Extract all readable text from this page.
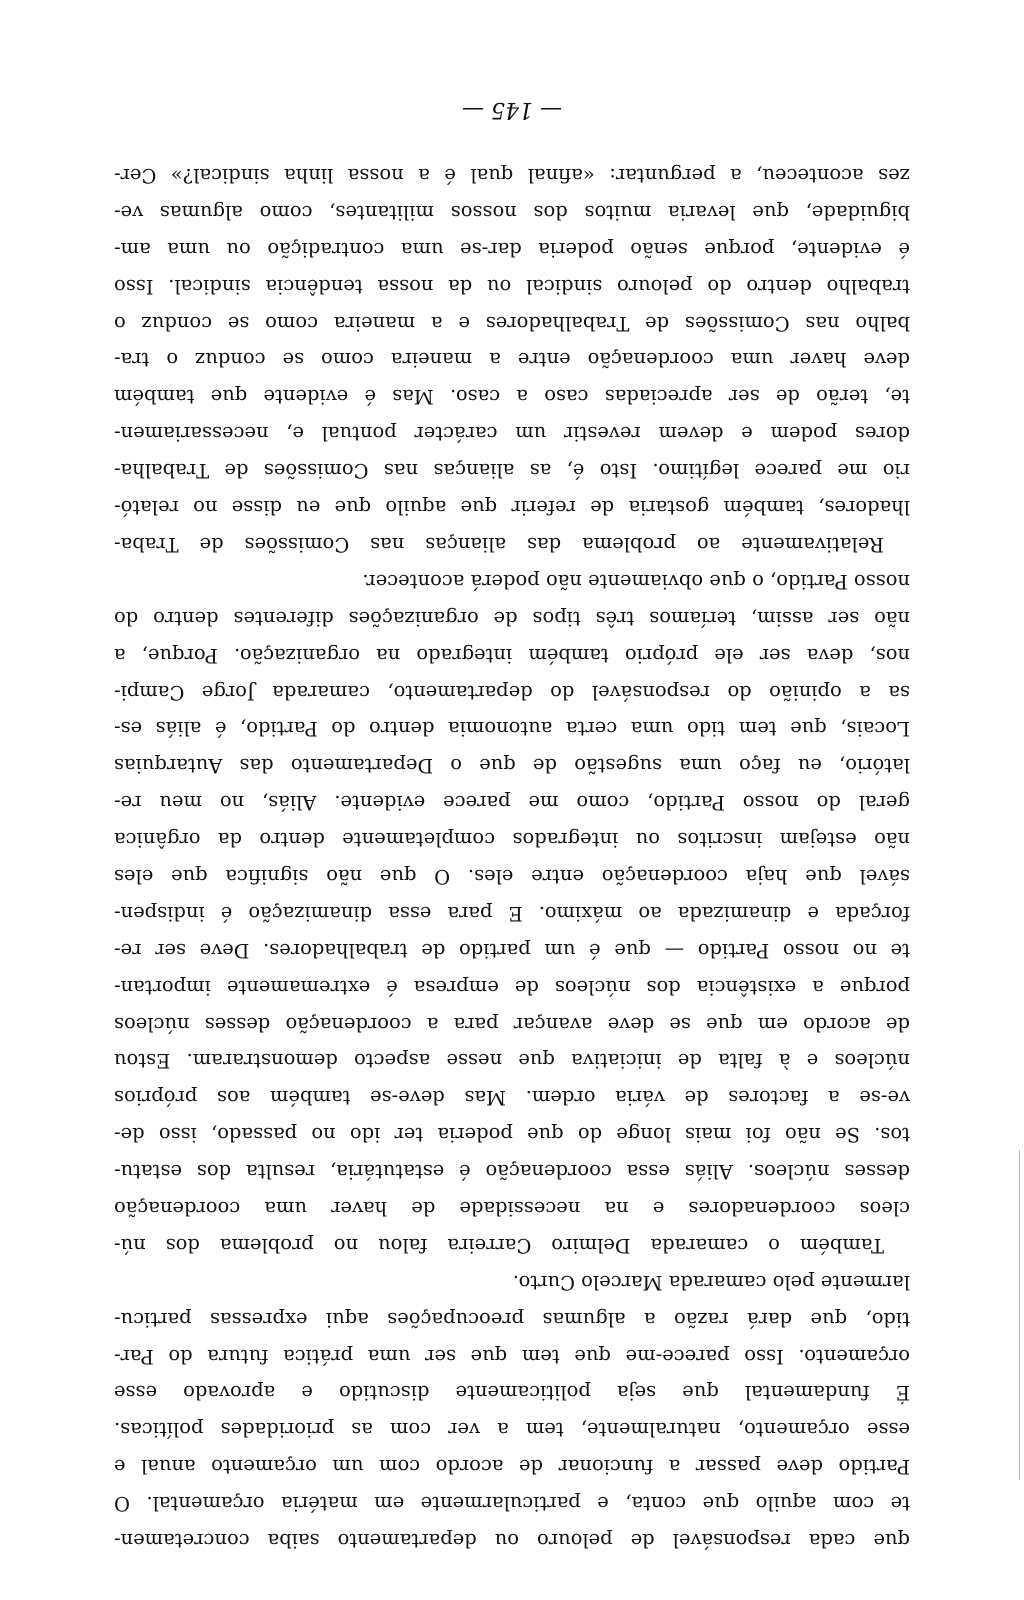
que cada responsável de pelouro ou departamento saiba concretamen-
te com aquilo que conta, e particularmente em matéria orçamental. O
Partido deve passar a funcionar de acordo com um orçamento anual e
esse orçamento, naturalmente, tem a ver com as prioridades políticas.
É fundamental que seja politicamente discutido e aprovado esse
orçamento. Isso parece-me que tem que ser uma prática futura do Par-
tido, que dará razão a algumas preocupações aqui expressas particu-
larmente pelo camarada Marcelo Curto.
Também o camarada Delmiro Carreira falou no problema dos nú-
cleos coordenadores e na necessidade de haver uma coordenação
desses núcleos. Aliás essa coordenação é estatutária, resulta dos estatu-
tos. Se não foi mais longe do que poderia ter ido no passado, isso de-
ve-se a factores de vária ordem. Mas deve-se também aos próprios
núcleos e à falta de iniciativa que nesse aspecto demonstraram. Estou
de acordo em que se deve avançar para a coordenação desses núcleos
porque a existência dos núcleos de empresa é extremamente importan-
te no nosso Partido — que é um partido de trabalhadores. Deve ser re-
forçada e dinamizada ao máximo. E para essa dinamização é indispen-
sável que haja coordenação entre eles. O que não significa que eles
não estejam inscritos ou integrados completamente dentro da orgânica
geral do nosso Partido, como me parece evidente. Aliás, no meu re-
latório, eu faço uma sugestão de que o Departamento das Autarquias
Locais, que tem tido uma certa autonomia dentro do Partido, é aliás es-
sa a opinião do responsável do departamento, camarada Jorge Campi-
nos, deva ser ele próprio também integrado na organização. Porque, a
não ser assim, teríamos três tipos de organizações diferentes dentro do
nosso Partido, o que obviamente não poderá acontecer.
Relativamente ao problema das alianças nas Comissões de Traba-
lhadores, também gostaria de referir que aquilo que eu disse no relató-
rio me parece legítimo. Isto é, as alianças nas Comissões de Trabalha-
dores podem e devem revestir um carácter pontual e, necessariamen-
te, terão de ser apreciadas caso a caso. Mas é evidente que também
deve haver uma coordenação entre a maneira como se conduz o tra-
balho nas Comissões de Trabalhadores e a maneira como se conduz o
trabalho dentro do pelouro sindical ou da nossa tendência sindical. Isso
é evidente, porque senão poderia dar-se uma contradição ou uma am-
biguidade, que levaria muitos dos nossos militantes, como algumas ve-
zes aconteceu, a perguntar: «afinal qual é a nossa linha sindical?» Cer-
— 145 —
